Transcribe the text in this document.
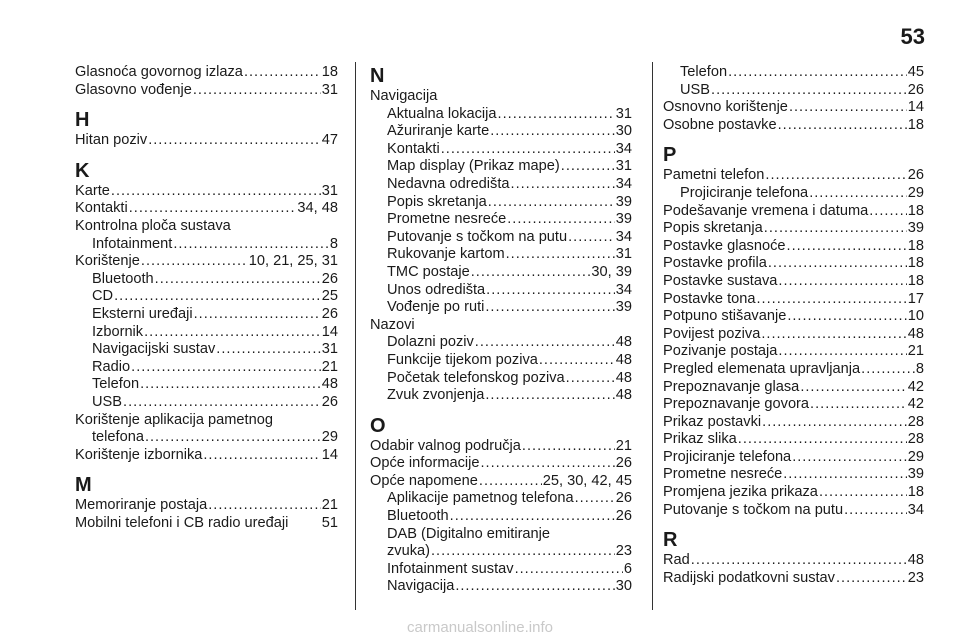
53
Glasnoća govornog izlaza .....	18
Glasovno vođenje .....	31
H
Hitan poziv .....	47
K
Karte .....	31
Kontakti .....	34, 48
Kontrolna ploča sustava
Infotainment .....	8
Korištenje .....	10, 21, 25, 31
Bluetooth .....	26
CD .....	25
Eksterni uređaji .....	26
Izbornik .....	14
Navigacijski sustav .....	31
Radio .....	21
Telefon .....	48
USB .....	26
Korištenje aplikacija pametnog
telefona .....	29
Korištenje izbornika .....	14
M
Memoriranje postaja .....	21
Mobilni telefoni i CB radio uređaji 51
N
Navigacija
Aktualna lokacija .....	31
Ažuriranje karte .....	30
Kontakti .....	34
Map display (Prikaz mape) .....	31
Nedavna odredišta .....	34
Popis skretanja .....	39
Prometne nesreće .....	39
Putovanje s točkom na putu .....	34
Rukovanje kartom .....	31
TMC postaje .....	30, 39
Unos odredišta .....	34
Vođenje po ruti .....	39
Nazovi
Dolazni poziv .....	48
Funkcije tijekom poziva .....	48
Početak telefonskog poziva .....	48
Zvuk zvonjenja .....	48
O
Odabir valnog područja .....	21
Opće informacije .....	26
Opće napomene .....	25, 30, 42, 45
Aplikacije pametnog telefona .....	26
Bluetooth .....	26
DAB (Digitalno emitiranje
zvuka) .....	23
Infotainment sustav .....	6
Navigacija .....	30
Telefon .....	45
USB .....	26
Osnovno korištenje .....	14
Osobne postavke .....	18
P
Pametni telefon .....	26
Projiciranje telefona .....	29
Podešavanje vremena i datuma .....	18
Popis skretanja .....	39
Postavke glasnoće .....	18
Postavke profila .....	18
Postavke sustava .....	18
Postavke tona .....	17
Potpuno stišavanje .....	10
Povijest poziva .....	48
Pozivanje postaja .....	21
Pregled elemenata upravljanja .....	8
Prepoznavanje glasa .....	42
Prepoznavanje govora .....	42
Prikaz postavki .....	28
Prikaz slika .....	28
Projiciranje telefona .....	29
Prometne nesreće .....	39
Promjena jezika prikaza .....	18
Putovanje s točkom na putu .....	34
R
Rad .....	48
Radijski podatkovni sustav .....	23
carmanualsonline.info
